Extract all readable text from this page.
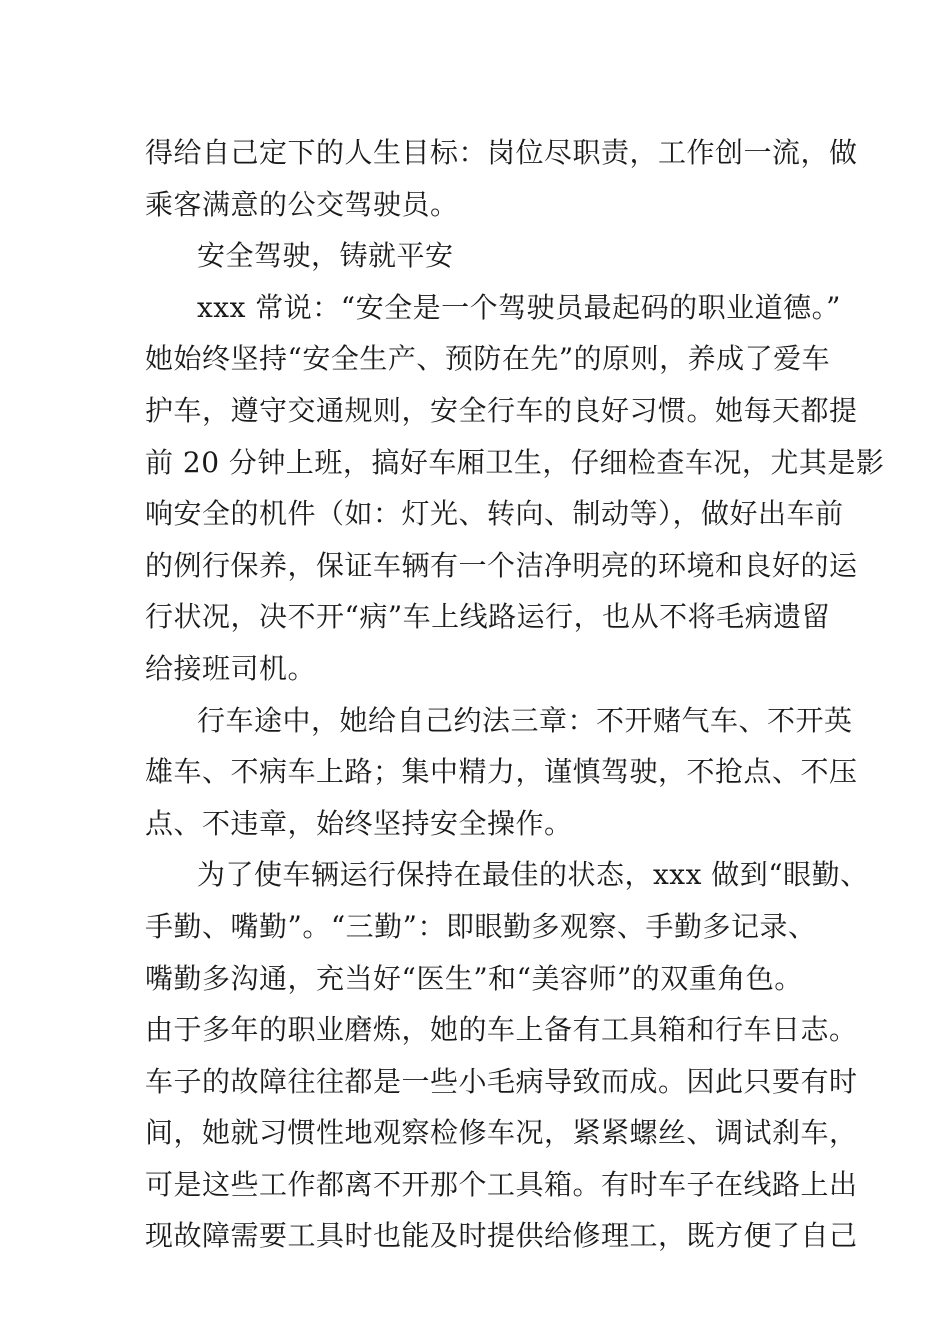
得给自己定下的人生目标：岗位尽职责，工作创一流，做
乘客满意的公交驾驶员。
安全驾驶，铸就平安
xxx 常说：“安全是一个驾驶员最起码的职业道德。”
她始终坚持“安全生产、预防在先”的原则，养成了爱车
护车，遵守交通规则，安全行车的良好习惯。她每天都提
前 20 分钟上班，搞好车厢卫生，仔细检查车况，尤其是影
响安全的机件（如：灯光、转向、制动等），做好出车前
的例行保养，保证车辆有一个洁净明亮的环境和良好的运
行状况，决不开“病”车上线路运行，也从不将毛病遗留
给接班司机。
行车途中，她给自己约法三章：不开赌气车、不开英
雄车、不病车上路；集中精力，谨慎驾驶，不抢点、不压
点、不违章，始终坚持安全操作。
为了使车辆运行保持在最佳的状态，xxx 做到“眼勤、
手勤、嘴勤”。“三勤”：即眼勤多观察、手勤多记录、
嘴勤多沟通，充当好“医生”和“美容师”的双重角色。
由于多年的职业磨炼，她的车上备有工具箱和行车日志。
车子的故障往往都是一些小毛病导致而成。因此只要有时
间，她就习惯性地观察检修车况，紧紧螺丝、调试刹车，
可是这些工作都离不开那个工具箱。有时车子在线路上出
现故障需要工具时也能及时提供给修理工，既方便了自己
